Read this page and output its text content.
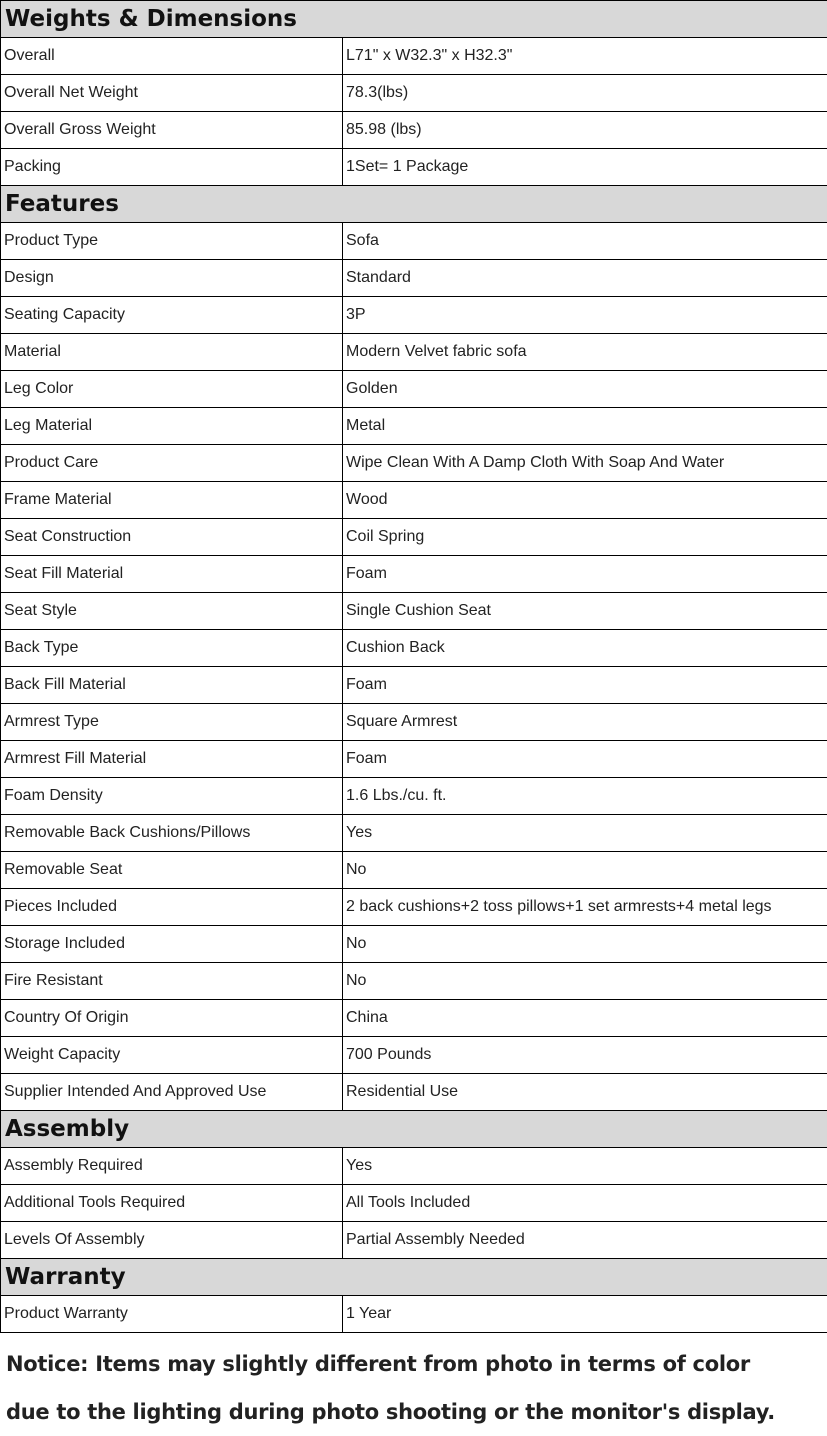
Weights & Dimensions	
Overall	L71" x W32.3" x H32.3"
Overall Net Weight	78.3(lbs)
Overall Gross Weight	85.98 (lbs)
Packing	1Set= 1 Package
Features	
Product Type	Sofa
Design	Standard
Seating Capacity	3P
Material	Modern Velvet fabric sofa
Leg Color	Golden
Leg Material	Metal
Product Care	Wipe Clean With A Damp Cloth With Soap And Water
Frame Material	Wood
Seat Construction	Coil Spring
Seat Fill Material	Foam
Seat Style	Single Cushion Seat
Back Type	Cushion Back
Back Fill Material	Foam
Armrest Type	Square Armrest
Armrest Fill Material	Foam
Foam Density	1.6 Lbs./cu. ft.
Removable Back Cushions/Pillows	Yes
Removable Seat	No
Pieces Included	2 back cushions+2 toss pillows+1 set armrests+4 metal legs
Storage Included	No
Fire Resistant	No
Country Of Origin	China
Weight Capacity	700 Pounds
Supplier Intended And Approved Use	Residential Use
Assembly	
Assembly Required	Yes
Additional Tools Required	All Tools Included
Levels Of Assembly	Partial Assembly Needed
Warranty	
Product Warranty	1 Year
Notice: Items may slightly different from photo in terms of color
due to the lighting during photo shooting or the monitor's display.
